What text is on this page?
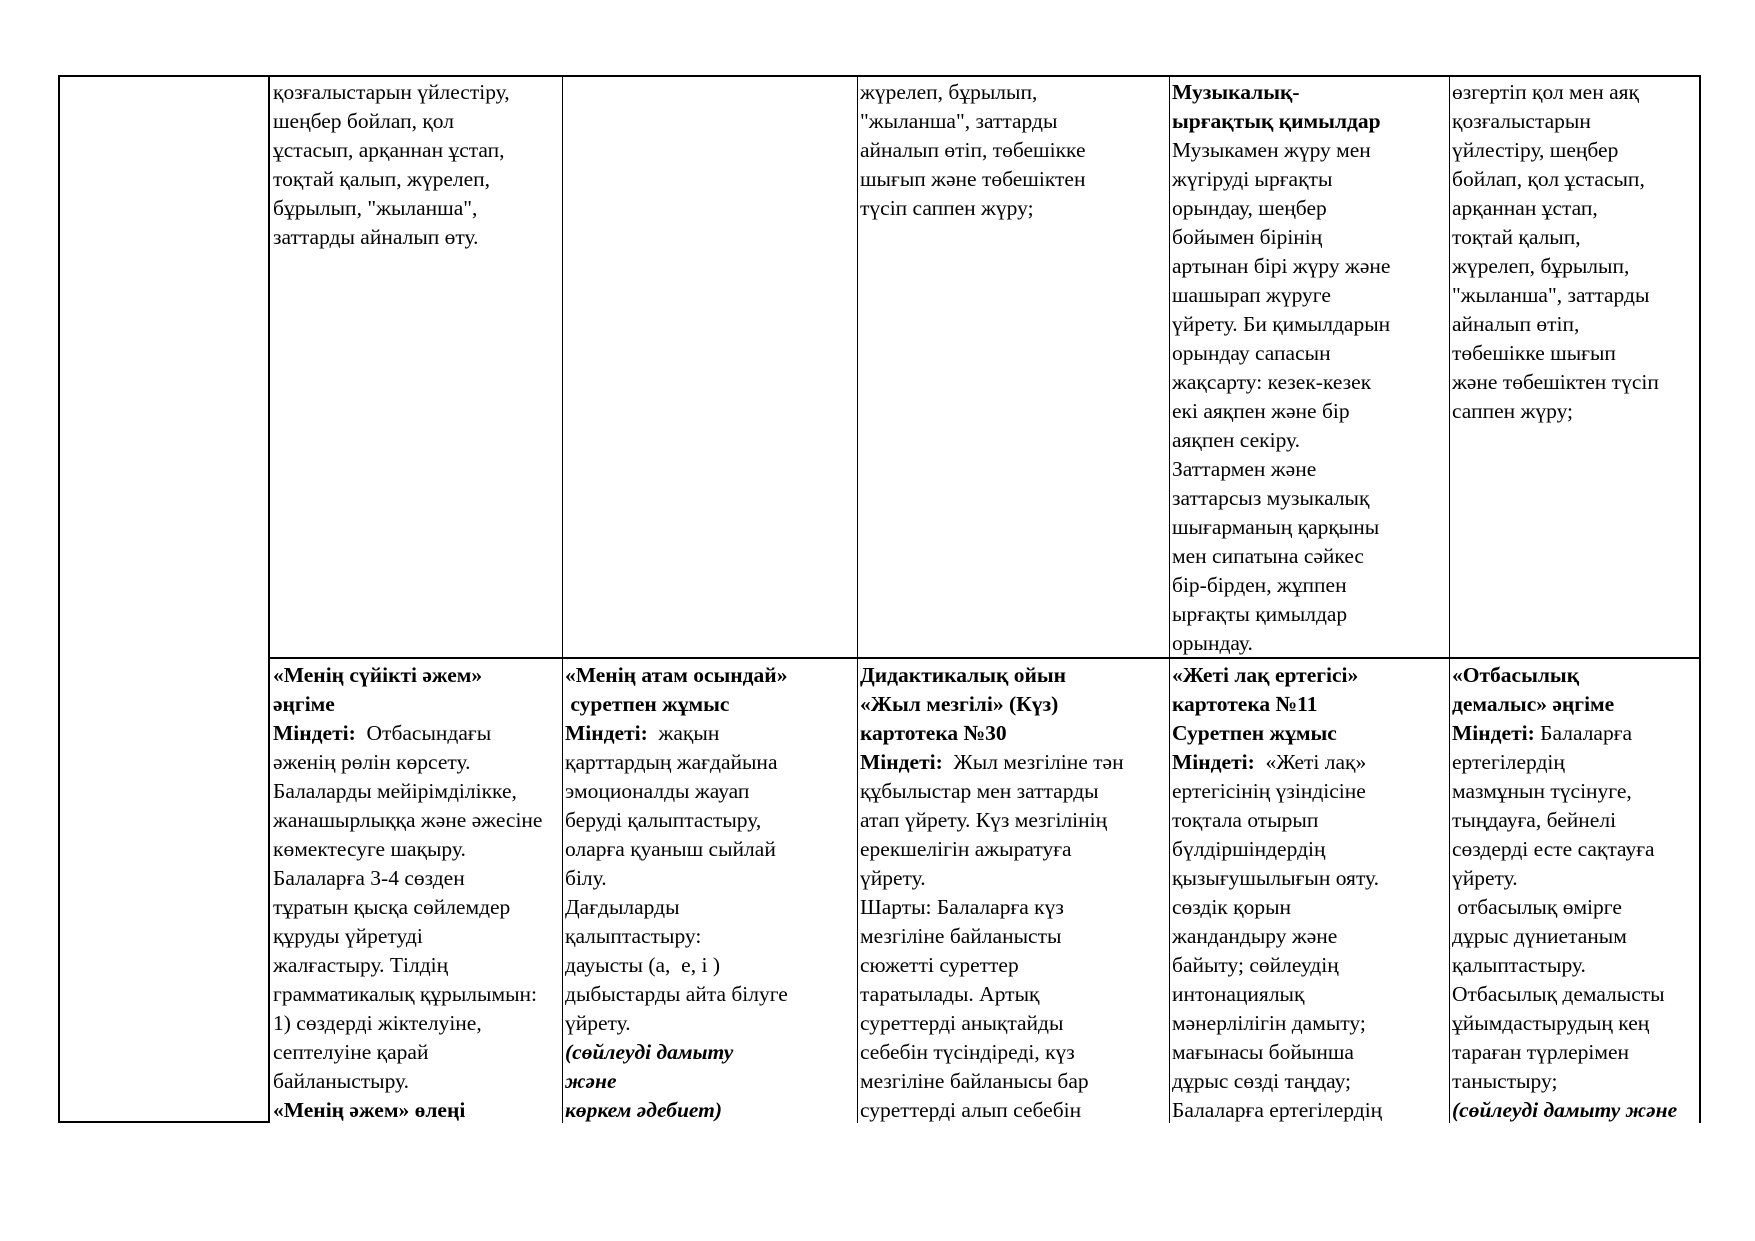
қозғалыстарын үйлестіру,
шеңбер бойлап, қол
ұстасып, арқаннан ұстап,
тоқтай қалып, жүрелеп,
бұрылып, "жыланша",
заттарды айналып өту.
жүрелеп, бұрылып,
"жыланша", заттарды
айналып өтіп, төбешікке
шығып және төбешіктен
түсіп саппен жүру;
Музыкалық-
ырғақтық қимылдар
Музыкамен жүру мен
жүгіруді ырғақты
орындау, шеңбер
бойымен бірінің
артынан бірі жүру және
шашырап жүруге
үйрету. Би қимылдарын
орындау сапасын
жақсарту: кезек-кезек
екі аяқпен және бір
аяқпен секіру.
Заттармен және
заттарсыз музыкалық
шығарманың қарқыны
мен сипатына сәйкес
бір-бірден, жұппен
ырғақты қимылдар
орындау.
өзгертіп қол мен аяқ
қозғалыстарын
үйлестіру, шеңбер
бойлап, қол ұстасып,
арқаннан ұстап,
тоқтай қалып,
жүрелеп, бұрылып,
"жыланша", заттарды
айналып өтіп,
төбешікке шығып
және төбешіктен түсіп
саппен жүру;
«Менің сүйікті әжем»
әңгіме
Міндеті:  Отбасындағы
әженің рөлін көрсету.
Балаларды мейірімділікке,
жанашырлыққа және әжесіне
көмектесуге шақыру.
Балаларға 3-4 сөзден
тұратын қысқа сөйлемдер
құруды үйретуді
жалғастыру. Тілдің
грамматикалық құрылымын:
1) сөздерді жіктелуіне,
септелуіне қарай
байланыстыру.
«Менің әжем» өлеңі
«Менің атам осындай»
суретпен жұмыс
Міндеті:  жақын
қарттардың жағдайына
эмоционалды жауап
беруді қалыптастыру,
оларға қуаныш сыйлай
білу.
Дағдыларды
қалыптастыру:
дауысты (а,  е, і )
дыбыстарды айта білуге
үйрету.
(сөйлеуді дамыту
және
көркем әдебиет)
Дидактикалық ойын
«Жыл мезгілі» (Күз)
картотека №30
Міндеті:  Жыл мезгіліне тән
құбылыстар мен заттарды
атап үйрету. Күз мезгілінің
ерекшелігін ажыратуға
үйрету.
Шарты: Балаларға күз
мезгіліне байланысты
сюжетті суреттер
таратылады. Артық
суреттерді анықтайды
себебін түсіндіреді, күз
мезгіліне байланысы бар
суреттерді алып себебін
«Жеті лақ ертегісі»
картотека №11
Суретпен жұмыс
Міндеті:  «Жеті лақ»
ертегісінің үзіндісіне
тоқтала отырып
бүлдіршіндердің
қызығушылығын ояту.
сөздік қорын
жандандыру және
байыту; сөйлеудің
интонациялық
мәнерлілігін дамыту;
мағынасы бойынша
дұрыс сөзді таңдау;
Балаларға ертегілердің
«Отбасылық
демалыс» әңгіме
Міндеті: Балаларға
ертегілердің
мазмұнын түсінуге,
тыңдауға, бейнелі
сөздерді есте сақтауға
үйрету.
отбасылық өмірге
дұрыс дүниетаным
қалыптастыру.
Отбасылық демалысты
ұйымдастырудың кең
тараған түрлерімен
таныстыру;
(сөйлеуді дамыту және
